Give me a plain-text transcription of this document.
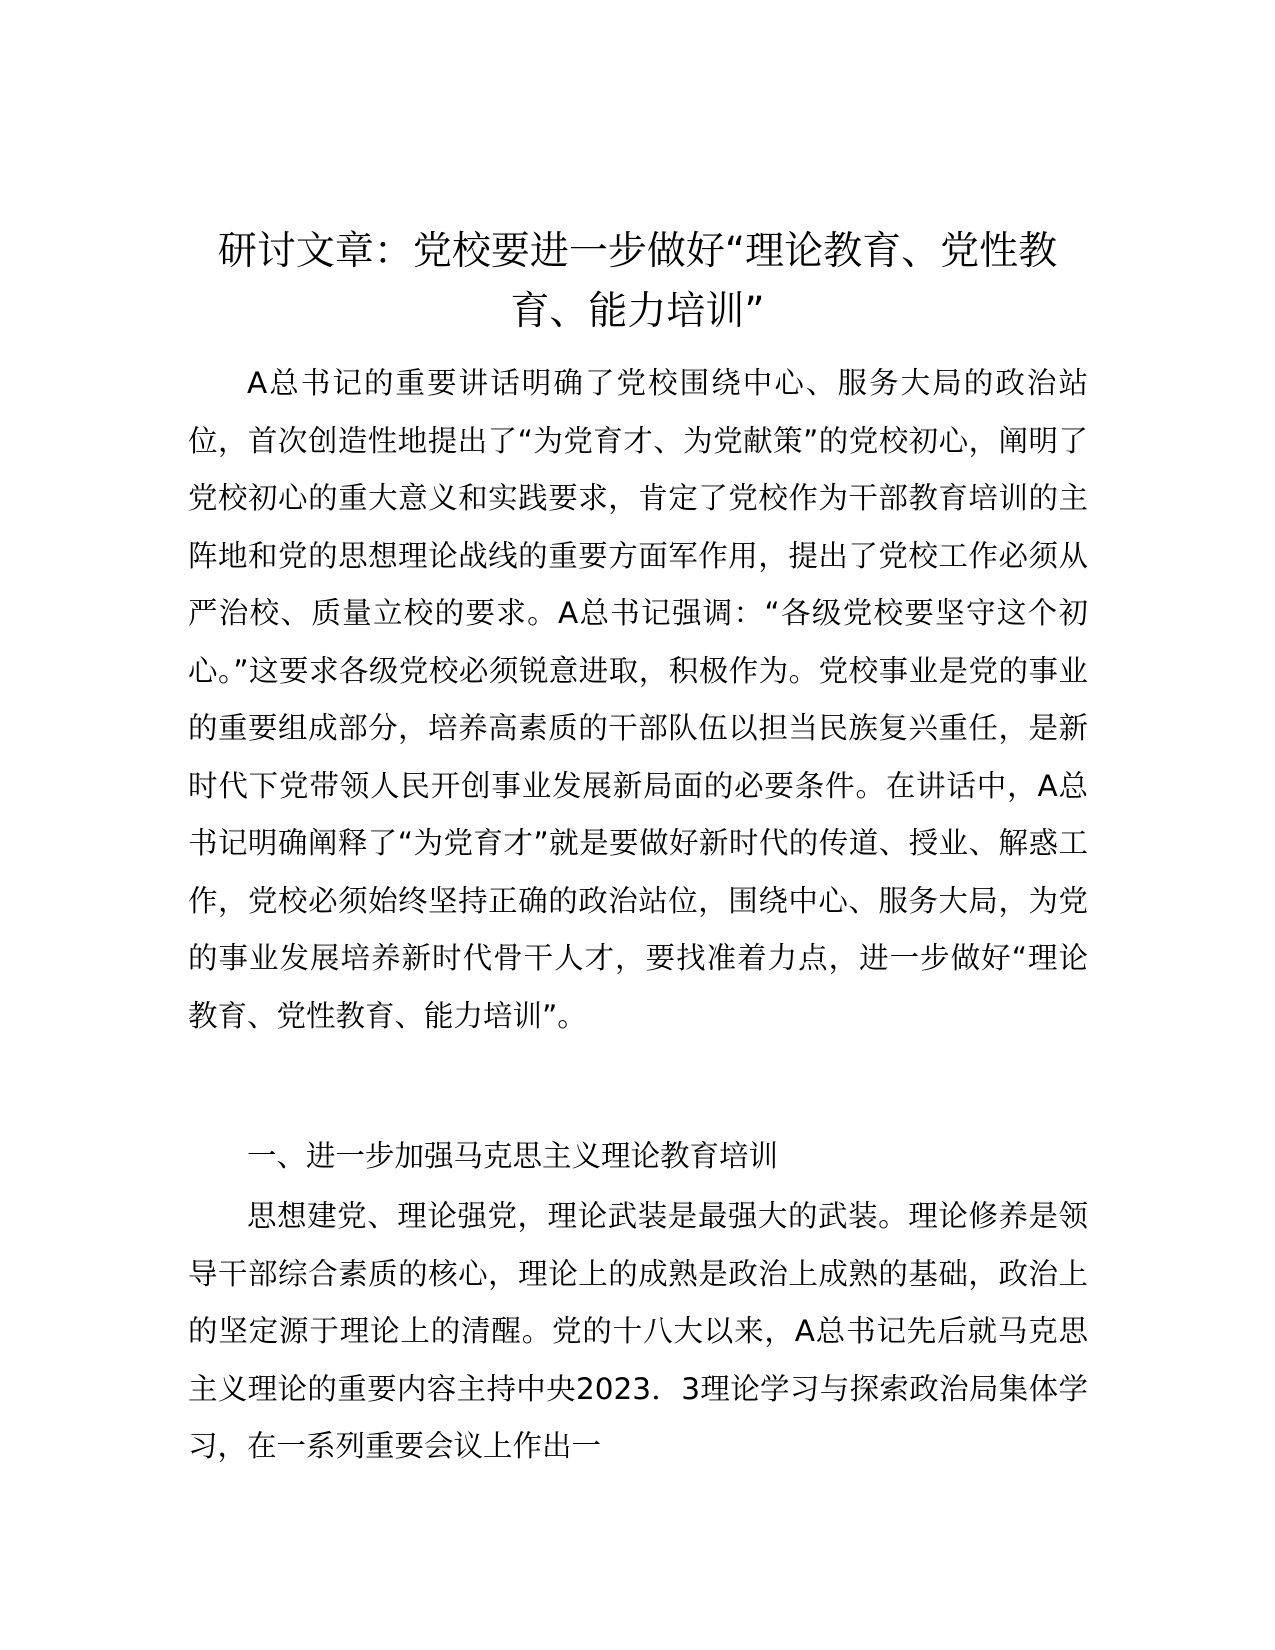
研讨文章：党校要进一步做好“理论教育、党性教育、能力培训”

A总书记的重要讲话明确了党校围绕中心、服务大局的政治站位，首次创造性地提出了“为党育才、为党献策”的党校初心，阐明了党校初心的重大意义和实践要求，肯定了党校作为干部教育培训的主阵地和党的思想理论战线的重要方面军作用，提出了党校工作必须从严治校、质量立校的要求。A总书记强调：“各级党校要坚守这个初心。”这要求各级党校必须锐意进取，积极作为。党校事业是党的事业的重要组成部分，培养高素质的干部队伍以担当民族复兴重任，是新时代下党带领人民开创事业发展新局面的必要条件。在讲话中，A总书记明确阐释了“为党育才”就是要做好新时代的传道、授业、解惑工作，党校必须始终坚持正确的政治站位，围绕中心、服务大局，为党的事业发展培养新时代骨干人才，要找准着力点，进一步做好“理论教育、党性教育、能力培训”。

一、进一步加强马克思主义理论教育培训

思想建党、理论强党，理论武装是最强大的武装。理论修养是领导干部综合素质的核心，理论上的成熟是政治上成熟的基础，政治上的坚定源于理论上的清醒。党的十八大以来，A总书记先后就马克思主义理论的重要内容主持中央2023．3理论学习与探索政治局集体学习，在一系列重要会议上作出一
